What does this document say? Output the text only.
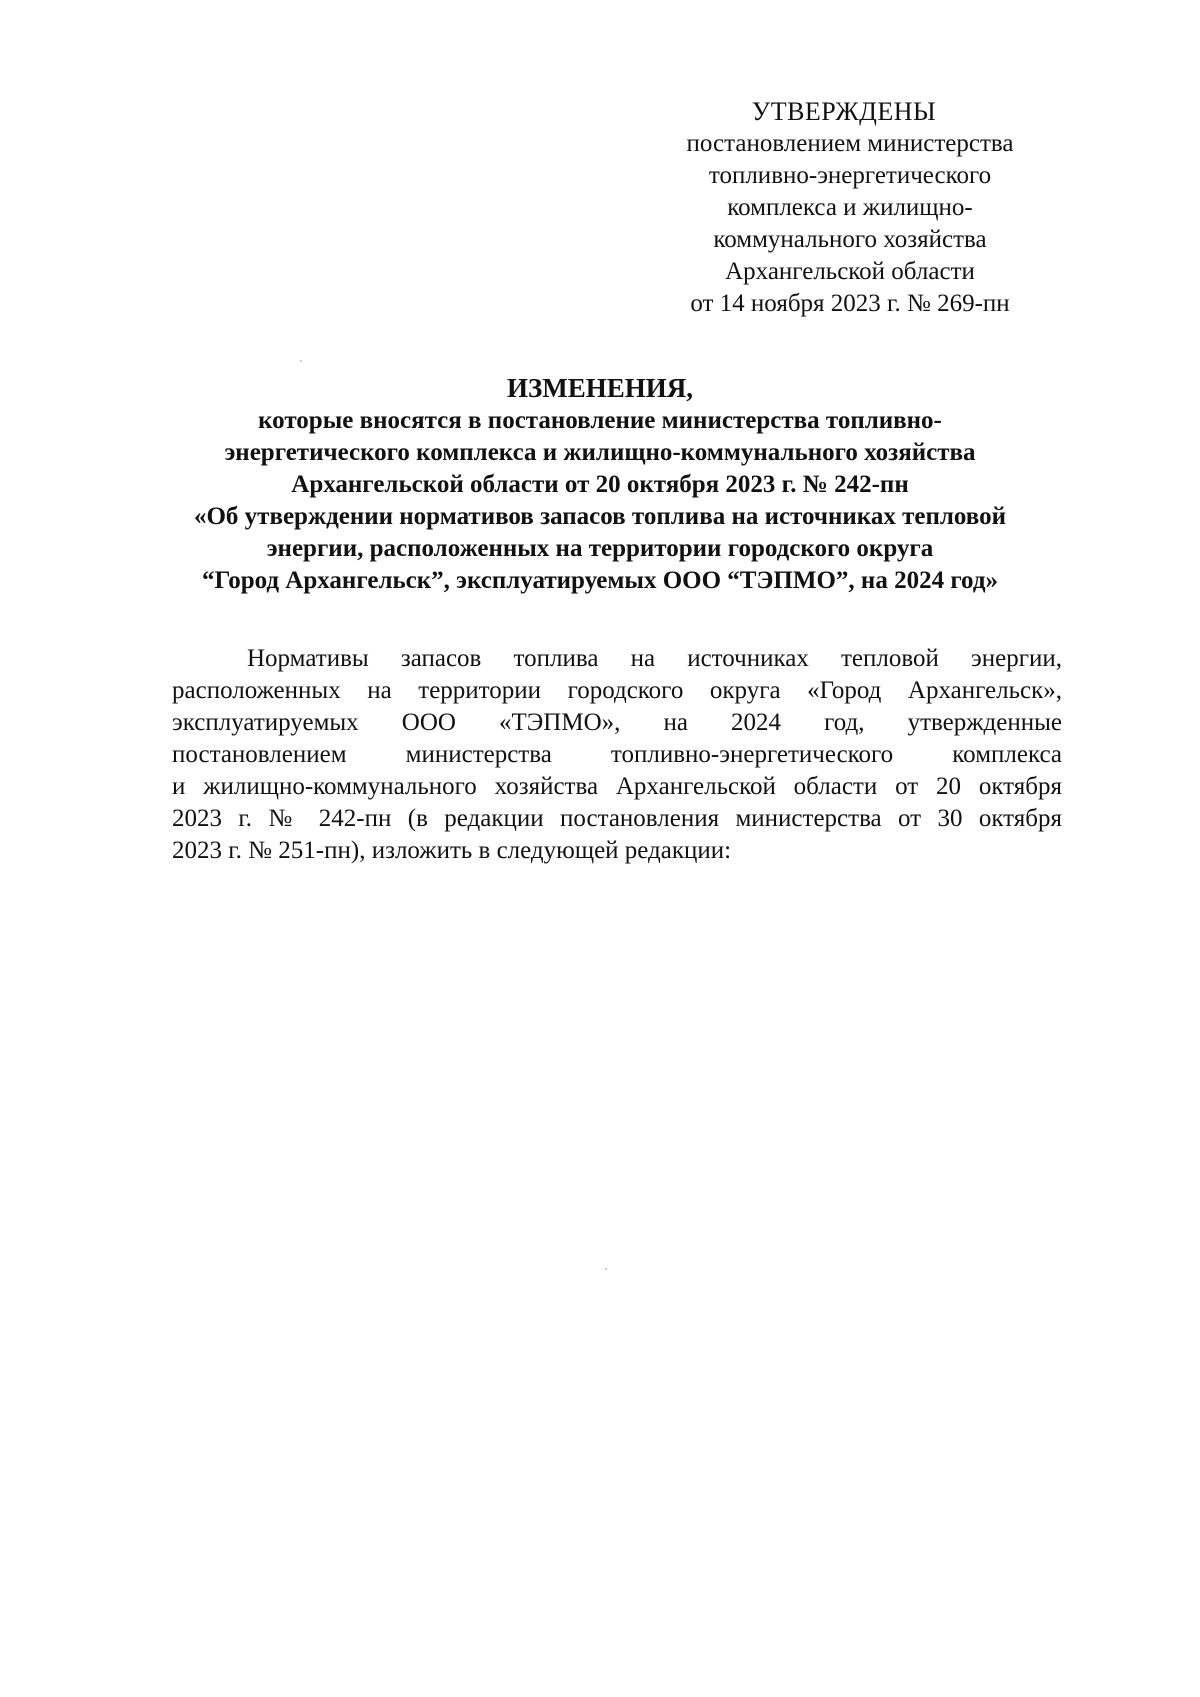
УТВЕРЖДЕНЫ
постановлением министерства
топливно-энергетического
комплекса и жилищно-
коммунального хозяйства
Архангельской области
от 14 ноября 2023 г. № 269-пн
ИЗМЕНЕНИЯ,
которые вносятся в постановление министерства топливно-
энергетического комплекса и жилищно-коммунального хозяйства
Архангельской области от 20 октября 2023 г. № 242-пн
«Об утверждении нормативов запасов топлива на источниках тепловой
энергии, расположенных на территории городского округа
“Город Архангельск”, эксплуатируемых ООО “ТЭПМО”, на 2024 год»
Нормативы запасов топлива на источниках тепловой энергии,
расположенных на территории городского округа «Город Архангельск»,
эксплуатируемых ООО «ТЭПМО», на 2024 год, утвержденные
постановлением министерства топливно-энергетического комплекса
и жилищно-коммунального хозяйства Архангельской области от 20 октября
2023 г. № 242-пн (в редакции постановления министерства от 30 октября
2023 г. № 251-пн), изложить в следующей редакции:
